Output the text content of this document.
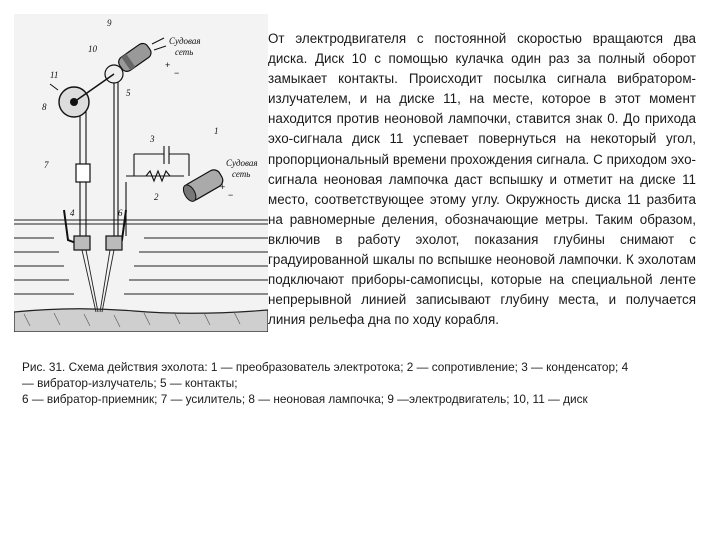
9
10
11
8
5
3
1
2
7
4	6
Судовая
сеть
+
−
Судовая
сеть
+
−

От электродвигателя с постоянной скоростью вращаются два диска. Диск 10 с помощью кулачка один раз за полный оборот замыкает контакты. Происходит посылка сигнала вибратором-излучателем, и на диске 11, на месте, которое в этот момент находится против неоновой лампочки, ставится знак 0. До прихода эхо-сигнала диск 11 успевает повернуться на некоторый угол, пропорциональный времени прохождения сигнала. С приходом эхо-сигнала неоновая лампочка даст вспышку и отметит на диске 11 место, соответствующее этому углу. Окружность диска 11 разбита на равномерные деления, обозначающие метры. Таким образом, включив в работу эхолот, показания глубины снимают с градуированной шкалы по вспышке неоновой лампочки. К эхолотам подключают приборы-самописцы, которые на специальной ленте непрерывной линией записывают глубину места, и получается линия рельефа дна по ходу корабля.

Рис. 31. Схема действия эхолота: 1 — преобразователь электротока; 2 — сопротивление; 3 — конденсатор; 4
— вибратор-излучатель; 5 — контакты;
6 — вибратор-приемник; 7 — усилитель; 8 — неоновая лампочка; 9 —электродвигатель; 10, 11 — диск
